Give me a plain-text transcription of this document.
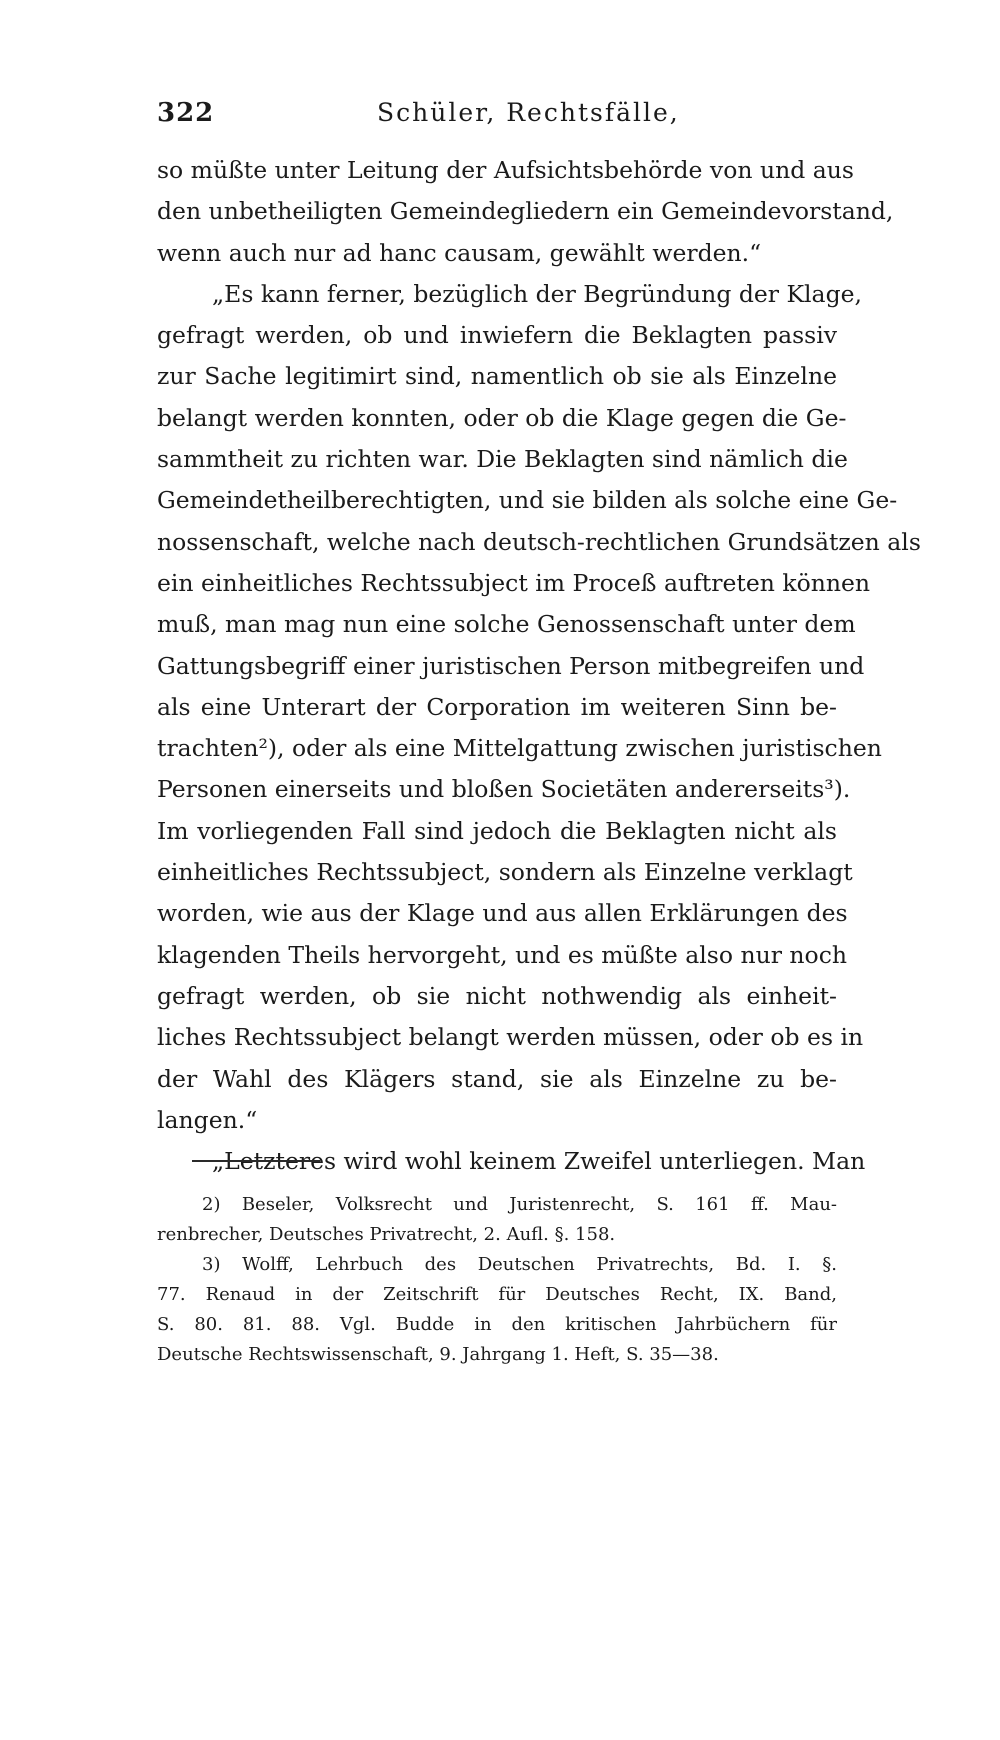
322	Schüler, Rechtsfälle,
so müßte unter Leitung der Aufsichtsbehörde von und aus
den unbetheiligten Gemeindegliedern ein Gemeindevorstand,
wenn auch nur ad hanc causam, gewählt werden.“
„Es kann ferner, bezüglich der Begründung der Klage,
gefragt werden, ob und inwiefern die Beklagten passiv
zur Sache legitimirt sind, namentlich ob sie als Einzelne
belangt werden konnten, oder ob die Klage gegen die Ge-
sammtheit zu richten war. Die Beklagten sind nämlich die
Gemeindetheilberechtigten, und sie bilden als solche eine Ge-
nossenschaft, welche nach deutsch-rechtlichen Grundsätzen als
ein einheitliches Rechtssubject im Proceß auftreten können
muß, man mag nun eine solche Genossenschaft unter dem
Gattungsbegriff einer juristischen Person mitbegreifen und
als eine Unterart der Corporation im weiteren Sinn be-
trachten²), oder als eine Mittelgattung zwischen juristischen
Personen einerseits und bloßen Societäten andererseits³).
Im vorliegenden Fall sind jedoch die Beklagten nicht als
einheitliches Rechtssubject, sondern als Einzelne verklagt
worden, wie aus der Klage und aus allen Erklärungen des
klagenden Theils hervorgeht, und es müßte also nur noch
gefragt werden, ob sie nicht nothwendig als einheit-
liches Rechtssubject belangt werden müssen, oder ob es in
der Wahl des Klägers stand, sie als Einzelne zu be-
langen.“
„Letzteres wird wohl keinem Zweifel unterliegen. Man
2) Beseler, Volksrecht und Juristenrecht, S. 161 ff. Mau-
renbrecher, Deutsches Privatrecht, 2. Aufl. §. 158.
3) Wolff, Lehrbuch des Deutschen Privatrechts, Bd. I. §.
77. Renaud in der Zeitschrift für Deutsches Recht, IX. Band,
S. 80. 81. 88. Vgl. Budde in den kritischen Jahrbüchern für
Deutsche Rechtswissenschaft, 9. Jahrgang 1. Heft, S. 35—38.
